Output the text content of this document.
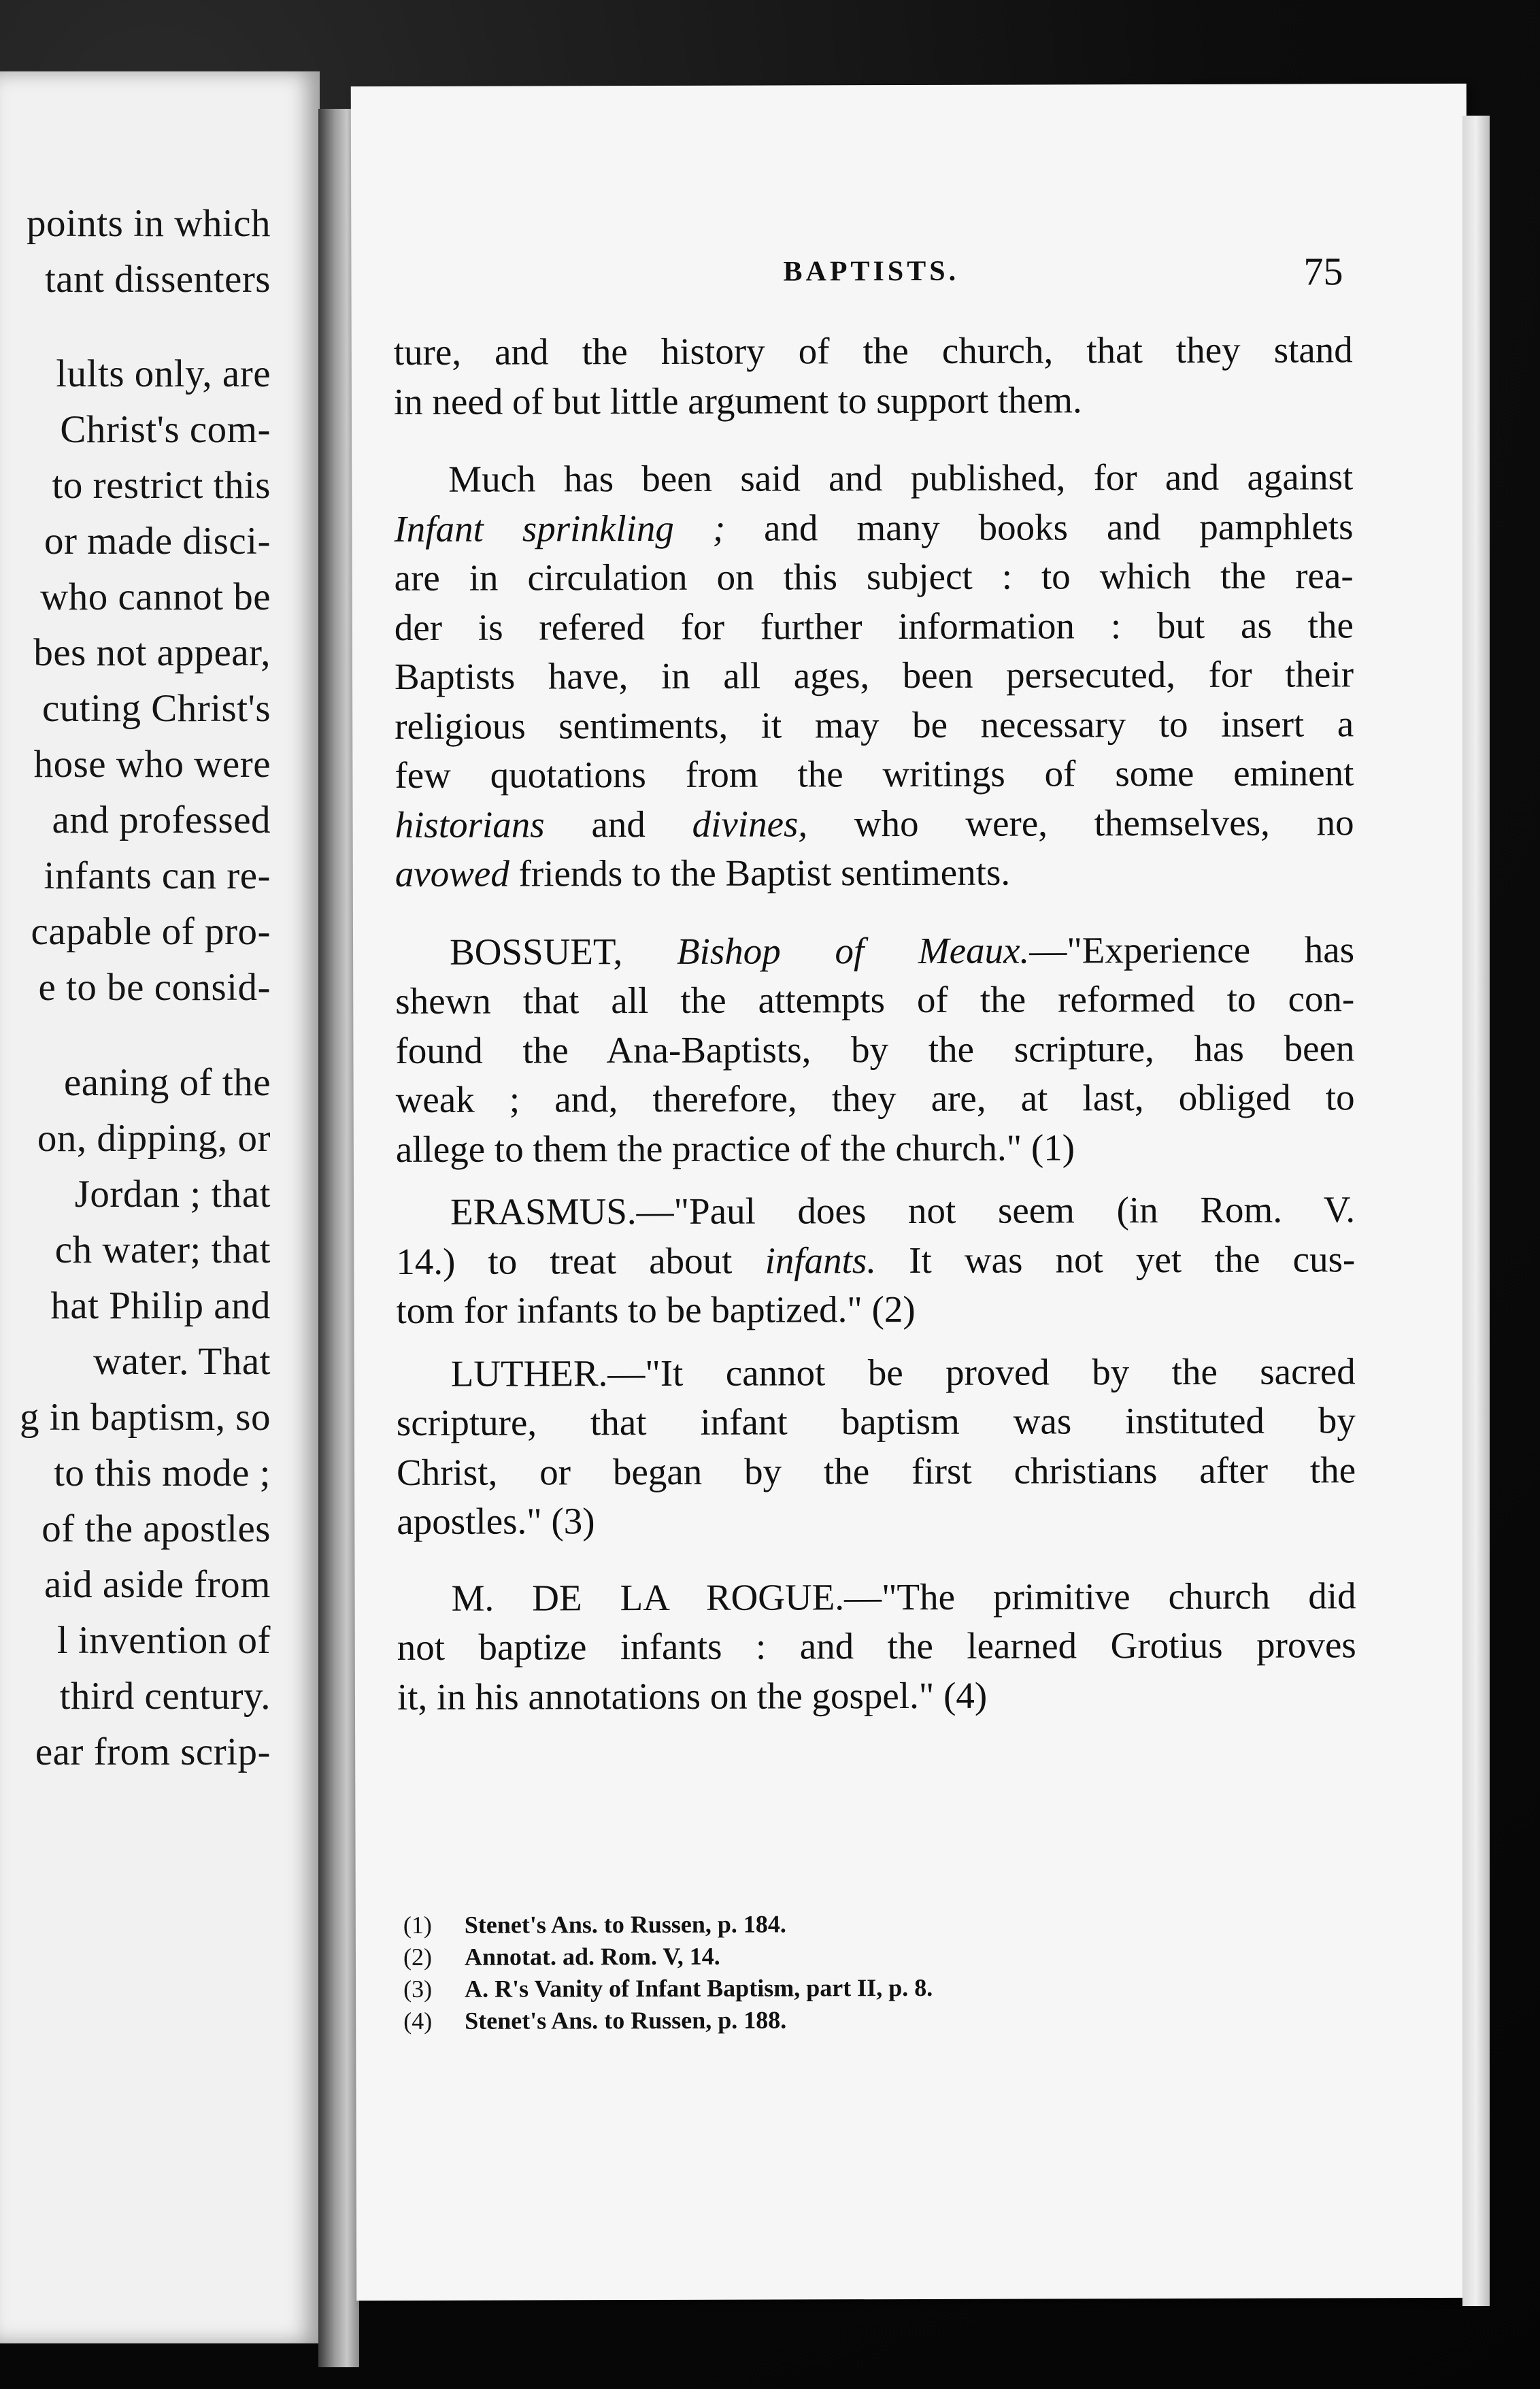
points in which
tant dissenters
lults only, are
Christ's com-
to restrict this
or made disci-
who cannot be
bes not appear,
cuting Christ's
hose who were
and professed
infants can re-
capable of pro-
e to be consid-
eaning of the
on, dipping, or
Jordan ; that
ch water; that
hat Philip and
water. That
g in baptism, so
to this mode ;
of the apostles
aid aside from
l invention of
third century.
ear from scrip-
BAPTISTS.	75
ture, and the history of the church, that they stand
in need of but little argument to support them.
Much has been said and published, for and against
Infant sprinkling ; and many books and pamphlets
are in circulation on this subject : to which the rea-
der is refered for further information : but as the
Baptists have, in all ages, been persecuted, for their
religious sentiments, it may be necessary to insert a
few quotations from the writings of some eminent
historians and divines, who were, themselves, no
avowed friends to the Baptist sentiments.
BOSSUET, Bishop of Meaux.—"Experience has
shewn that all the attempts of the reformed to con-
found the Ana-Baptists, by the scripture, has been
weak ; and, therefore, they are, at last, obliged to
allege to them the practice of the church." (1)
ERASMUS.—"Paul does not seem (in Rom. V.
14.) to treat about infants. It was not yet the cus-
tom for infants to be baptized." (2)
LUTHER.—"It cannot be proved by the sacred
scripture, that infant baptism was instituted by
Christ, or began by the first christians after the
apostles." (3)
M. DE LA ROGUE.—"The primitive church did
not baptize infants : and the learned Grotius proves
it, in his annotations on the gospel." (4)
(1) Stenet's Ans. to Russen, p. 184.
(2) Annotat. ad. Rom. V, 14.
(3) A. R's Vanity of Infant Baptism, part II, p. 8.
(4) Stenet's Ans. to Russen, p. 188.
